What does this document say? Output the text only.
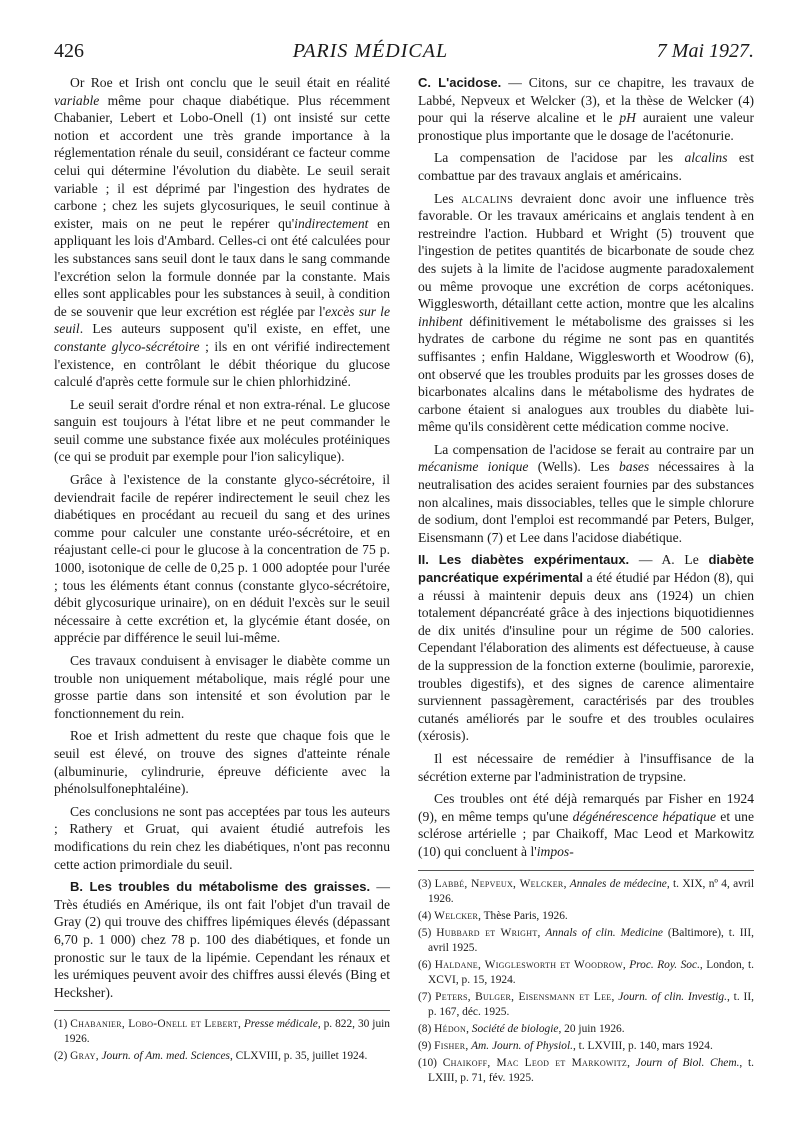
426	PARIS MÉDICAL	7 Mai 1927.

Or Roe et Irish ont conclu que le seuil était en réalité variable même pour chaque diabétique. Plus récemment Chabanier, Lebert et Lobo-Onell (1) ont insisté sur cette notion et accordent une très grande importance à la réglementation rénale du seuil, considérant ce facteur comme celui qui détermine l'évolution du diabète. Le seuil serait variable ; il est déprimé par l'ingestion des hydrates de carbone ; chez les sujets glycosuriques, le seuil continue à exister, mais on ne peut le repérer qu'indirectement en appliquant les lois d'Ambard. Celles-ci ont été calculées pour les substances sans seuil dont le taux dans le sang commande l'excrétion selon la formule donnée par la constante. Mais elles sont applicables pour les substances à seuil, à condition de se souvenir que leur excrétion est réglée par l'excès sur le seuil. Les auteurs supposent qu'il existe, en effet, une constante glyco-sécrétoire ; ils en ont vérifié indirectement l'existence, en contrôlant le débit théorique du glucose calculé d'après cette formule sur le chien phlorhidziné.

Le seuil serait d'ordre rénal et non extra-rénal. Le glucose sanguin est toujours à l'état libre et ne peut commander le seuil comme une substance fixée aux molécules protéiniques (ce qui se produit par exemple pour l'ion salicylique).

Grâce à l'existence de la constante glyco-sécrétoire, il deviendrait facile de repérer indirectement le seuil chez les diabétiques en procédant au recueil du sang et des urines comme pour calculer une constante uréo-sécrétoire, et en réajustant celle-ci pour le glucose à la concentration de 75 p. 1000, isotonique de celle de 0,25 p. 1 000 adoptée pour l'urée ; tous les éléments étant connus (constante glyco-sécrétoire, débit glycosurique urinaire), on en déduit l'excès sur le seuil nécessaire à cette excrétion et, la glycémie étant dosée, on apprécie par différence le seuil lui-même.

Ces travaux conduisent à envisager le diabète comme un trouble non uniquement métabolique, mais réglé pour une grosse partie dans son intensité et son évolution par le fonctionnement du rein.

Roe et Irish admettent du reste que chaque fois que le seuil est élevé, on trouve des signes d'atteinte rénale (albuminurie, cylindrurie, épreuve déficiente avec la phénolsulfonephtaléine).

Ces conclusions ne sont pas acceptées par tous les auteurs ; Rathery et Gruat, qui avaient étudié autrefois les modifications du rein chez les diabétiques, n'ont pas reconnu cette action primordiale du seuil.

B. Les troubles du métabolisme des graisses. — Très étudiés en Amérique, ils ont fait l'objet d'un travail de Gray (2) qui trouve des chiffres lipémiques élevés (dépassant 6,70 p. 1 000) chez 78 p. 100 des diabétiques, et fonde un pronostic sur le taux de la lipémie. Cependant les rénaux et les urémiques peuvent avoir des chiffres aussi élevés (Bing et Hecksher).

(1) Chabanier, Lobo-Onell et Lebert, Presse médicale, p. 822, 30 juin 1926.

(2) Gray, Journ. of Am. med. Sciences, CLXVIII, p. 35, juillet 1924.

C. L'acidose. — Citons, sur ce chapitre, les travaux de Labbé, Nepveux et Welcker (3), et la thèse de Welcker (4) pour qui la réserve alcaline et le pH auraient une valeur pronostique plus importante que le dosage de l'acétonurie.

La compensation de l'acidose par les alcalins est combattue par des travaux anglais et américains.

Les alcalins devraient donc avoir une influence très favorable. Or les travaux américains et anglais tendent à en restreindre l'action. Hubbard et Wright (5) trouvent que l'ingestion de petites quantités de bicarbonate de soude chez des sujets à la limite de l'acidose augmente paradoxalement ou même provoque une excrétion de corps acétoniques. Wigglesworth, détaillant cette action, montre que les alcalins inhibent définitivement le métabolisme des graisses si les hydrates de carbone du régime ne sont pas en quantités suffisantes ; enfin Haldane, Wigglesworth et Woodrow (6), ont observé que les troubles produits par les grosses doses de bicarbonates alcalins dans le métabolisme des hydrates de carbone étaient si analogues aux troubles du diabète lui-même qu'ils considèrent cette médication comme nocive.

La compensation de l'acidose se ferait au contraire par un mécanisme ionique (Wells). Les bases nécessaires à la neutralisation des acides seraient fournies par des substances non alcalines, mais dissociables, telles que le simple chlorure de sodium, dont l'emploi est recommandé par Peters, Bulger, Eisensmann (7) et Lee dans l'acidose diabétique.

II. Les diabètes expérimentaux. — A. Le diabète pancréatique expérimental a été étudié par Hédon (8), qui a réussi à maintenir depuis deux ans (1924) un chien totalement dépancréaté grâce à des injections biquotidiennes de dix unités d'insuline pour un régime de 500 calories. Cependant l'élaboration des aliments est défectueuse, à cause de la suppression de la fonction externe (boulimie, parorexie, troubles digestifs), et des signes de carence alimentaire surviennent passagèrement, caractérisés par des troubles cutanés améliorés par le soufre et des troubles oculaires (xérosis).

Il est nécessaire de remédier à l'insuffisance de la sécrétion externe par l'administration de trypsine.

Ces troubles ont été déjà remarqués par Fisher en 1924 (9), en même temps qu'une dégénérescence hépatique et une sclérose artérielle ; par Chaikoff, Mac Leod et Markowitz (10) qui concluent à l'impos-

(3) Labbé, Nepveux, Welcker, Annales de médecine, t. XIX, nº 4, avril 1926.

(4) Welcker, Thèse Paris, 1926.

(5) Hubbard et Wright, Annals of clin. Medicine (Baltimore), t. III, avril 1925.

(6) Haldane, Wigglesworth et Woodrow, Proc. Roy. Soc., London, t. XCVI, p. 15, 1924.

(7) Peters, Bulger, Eisensmann et Lee, Journ. of clin. Investig., t. II, p. 167, déc. 1925.

(8) Hédon, Société de biologie, 20 juin 1926.

(9) Fisher, Am. Journ. of Physiol., t. LXVIII, p. 140, mars 1924.

(10) Chaikoff, Mac Leod et Markowitz, Journ of Biol. Chem., t. LXIII, p. 71, fév. 1925.
